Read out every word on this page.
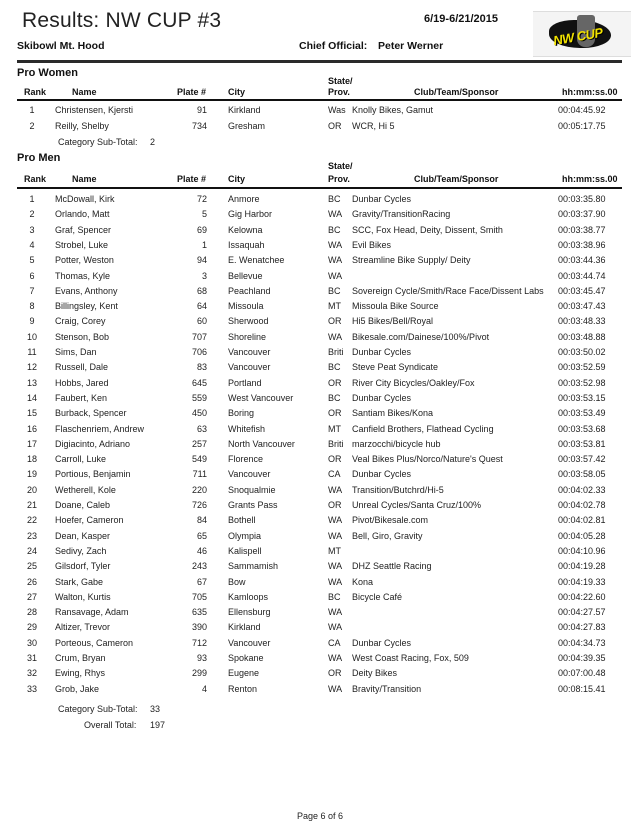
Results: NW CUP #3
Skibowl Mt. Hood
6/19-6/21/2015
Chief Official: Peter Werner	NW CUP
Pro Women
State/
Rank	Name	Plate # City	Prov.	Club/Team/Sponsor	hh:mm:ss.00
1	Christensen, Kjersti	91 Kirkland	Was Knolly Bikes, Gamut	00:04:45.92
2	Reilly, Shelby	734 Gresham	OR WCR, Hi 5	00:05:17.75
Category Sub-Total: 2
Pro Men
State/
Rank	Name	Plate # City	Prov.	Club/Team/Sponsor	hh:mm:ss.00
1	McDowall, Kirk	72 Anmore	BC Dunbar Cycles	00:03:35.80
2	Orlando, Matt	5 Gig Harbor	WA Gravity/TransitionRacing	00:03:37.90
3	Graf, Spencer	69 Kelowna	BC SCC, Fox Head, Deity, Dissent, Smith	00:03:38.77
4	Strobel, Luke	1 Issaquah	WA Evil Bikes	00:03:38.96
5	Potter, Weston	94 E. Wenatchee	WA Streamline Bike Supply/ Deity	00:03:44.36
6	Thomas, Kyle	3 Bellevue	WA	00:03:44.74
7	Evans, Anthony	68 Peachland	BC Sovereign Cycle/Smith/Race Face/Dissent Labs 00:03:45.47
8	Billingsley, Kent	64 Missoula	MT Missoula Bike Source	00:03:47.43
9	Craig, Corey	60 Sherwood	OR Hi5 Bikes/Bell/Royal	00:03:48.33
10	Stenson, Bob	707 Shoreline	WA Bikesale.com/Dainese/100%/Pivot	00:03:48.88
11	Sims, Dan	706 Vancouver	Briti Dunbar Cycles	00:03:50.02
12	Russell, Dale	83 Vancouver	BC Steve Peat Syndicate	00:03:52.59
13	Hobbs, Jared	645 Portland	OR River City Bicycles/Oakley/Fox	00:03:52.98
14	Faubert, Ken	559 West Vancouver	BC Dunbar Cycles	00:03:53.15
15	Burback, Spencer	450 Boring	OR Santiam Bikes/Kona	00:03:53.49
16	Flaschenriem, Andrew	63 Whitefish	MT Canfield Brothers, Flathead Cycling	00:03:53.68
17	Digiacinto, Adriano	257 North Vancouver	Briti marzocchi/bicycle hub	00:03:53.81
18	Carroll, Luke	549 Florence	OR Veal Bikes Plus/Norco/Nature's Quest	00:03:57.42
19	Portious, Benjamin	711 Vancouver	CA Dunbar Cycles	00:03:58.05
20	Wetherell, Kole	220 Snoqualmie	WA Transition/Butchrd/Hi-5	00:04:02.33
21	Doane, Caleb	726 Grants Pass	OR Unreal Cycles/Santa Cruz/100%	00:04:02.78
22	Hoefer, Cameron	84 Bothell	WA Pivot/Bikesale.com	00:04:02.81
23	Dean, Kasper	65 Olympia	WA Bell, Giro, Gravity	00:04:05.28
24	Sedivy, Zach	46 Kalispell	MT	00:04:10.96
25	Gilsdorf, Tyler	243 Sammamish	WA DHZ Seattle Racing	00:04:19.28
26	Stark, Gabe	67 Bow	WA Kona	00:04:19.33
27	Walton, Kurtis	705 Kamloops	BC Bicycle Café	00:04:22.60
28	Ransavage, Adam	635 Ellensburg	WA	00:04:27.57
29	Altizer, Trevor	390 Kirkland	WA	00:04:27.83
30	Porteous, Cameron	712 Vancouver	CA Dunbar Cycles	00:04:34.73
31	Crum, Bryan	93 Spokane	WA West Coast Racing, Fox, 509	00:04:39.35
32	Ewing, Rhys	299 Eugene	OR Deity Bikes	00:07:00.48
33	Grob, Jake	4 Renton	WA Bravity/Transition	00:08:15.41
Category Sub-Total: 33
Overall Total: 197
Page 6 of 6
